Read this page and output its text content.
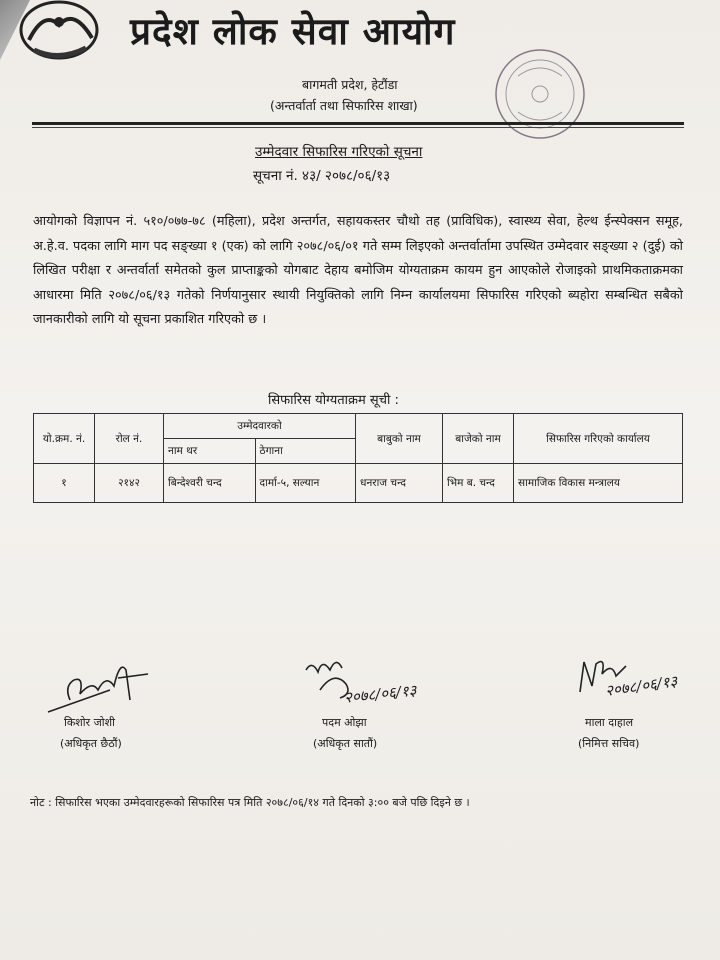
प्रदेश लोक सेवा आयोग
बागमती प्रदेश, हेटौंडा
(अन्तर्वार्ता तथा सिफारिस शाखा)
उम्मेदवार सिफारिस गरिएको सूचना
सूचना नं. ४३/ २०७८/०६/१३
आयोगको विज्ञापन नं. ५१०/०७७-७८ (महिला), प्रदेश अन्तर्गत, सहायकस्तर चौथो तह (प्राविधिक), स्वास्थ्य सेवा, हेल्थ ईन्स्पेक्सन समूह, अ.हे.व. पदका लागि माग पद सङ्ख्या १ (एक) को लागि २०७८/०६/०१ गते सम्म लिइएको अन्तर्वार्तामा उपस्थित उम्मेदवार सङ्ख्या २ (दुई) को लिखित परीक्षा र अन्तर्वार्ता समेतको कुल प्राप्ताङ्कको योगबाट देहाय बमोजिम योग्यताक्रम कायम हुन आएकोले रोजाइको प्राथमिकताक्रमका आधारमा मिति २०७८/०६/१३ गतेको निर्णयानुसार स्थायी नियुक्तिको लागि निम्न कार्यालयमा सिफारिस गरिएको ब्यहोरा सम्बन्धित सबैको जानकारीको लागि यो सूचना प्रकाशित गरिएको छ ।
सिफारिस योग्यताक्रम सूची :
यो.क्रम. नं.	रोल नं.	उम्मेदवारको		बाबुको नाम	बाजेको नाम	सिफारिस गरिएको कार्यालय
		नाम थर	ठेगाना			
१	२१४२	बिन्देश्वरी चन्द	दार्मा-५, सल्यान	धनराज चन्द	भिम ब. चन्द	सामाजिक विकास मन्त्रालय
किशोर जोशी
(अधिकृत छैठौं)
२०७८/०६/१३
पदम ओझा
(अधिकृत सातौं)
२०७८/०६/१३
माला दाहाल
(निमित्त सचिव)
नोट : सिफारिस भएका उम्मेदवारहरूको सिफारिस पत्र मिति २०७८/०६/१४ गते दिनको ३:०० बजे पछि दिइने छ ।
